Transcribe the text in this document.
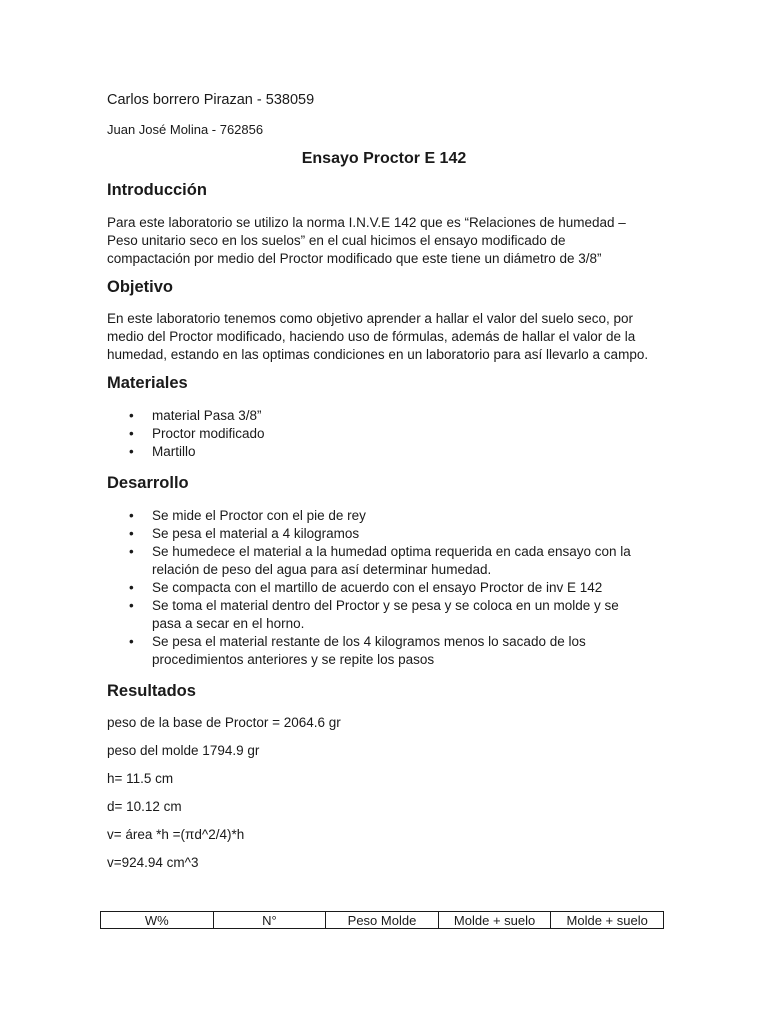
Carlos borrero Pirazan - 538059

Juan José Molina - 762856

Ensayo Proctor E 142
Introducción

Para este laboratorio se utilizo la norma I.N.V.E 142 que es “Relaciones de humedad –
Peso unitario seco en los suelos” en el cual hicimos el ensayo modificado de
compactación por medio del Proctor modificado que este tiene un diámetro de 3/8”

Objetivo

En este laboratorio tenemos como objetivo aprender a hallar el valor del suelo seco, por
medio del Proctor modificado, haciendo uso de fórmulas, además de hallar el valor de la
humedad, estando en las optimas condiciones en un laboratorio para así llevarlo a campo.

Materiales
• material Pasa 3/8”
• Proctor modificado
• Martillo
Desarrollo
• Se mide el Proctor con el pie de rey
• Se pesa el material a 4 kilogramos
• Se humedece el material a la humedad optima requerida en cada ensayo con la
relación de peso del agua para así determinar humedad.
• Se compacta con el martillo de acuerdo con el ensayo Proctor de inv E 142
• Se toma el material dentro del Proctor y se pesa y se coloca en un molde y se
pasa a secar en el horno.
• Se pesa el material restante de los 4 kilogramos menos lo sacado de los
procedimientos anteriores y se repite los pasos
Resultados

peso de la base de Proctor = 2064.6 gr

peso del molde 1794.9 gr

h= 11.5 cm

d= 10.12 cm

v= área *h =(πd^2/4)*h

v=924.94 cm^3

W%	N°	Peso Molde	Molde + suelo	Molde + suelo
